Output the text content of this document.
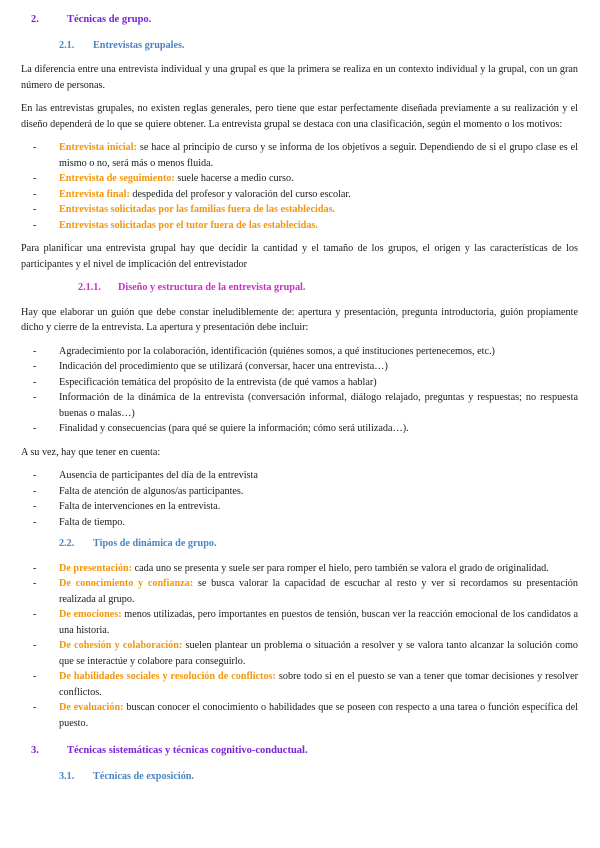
2.	Técnicas de grupo.
2.1.	Entrevistas grupales.

La diferencia entre una entrevista individual y una grupal es que la primera se realiza en un contexto individual y la grupal, con un gran número de personas.

En las entrevistas grupales, no existen reglas generales, pero tiene que estar perfectamente diseñada previamente a su realización y el diseño dependerá de lo que se quiere obtener. La entrevista grupal se destaca con una clasificación, según el momento o los motivos:

- Entrevista inicial: se hace al principio de curso y se informa de los objetivos a seguir. Dependiendo de si el grupo clase es el mismo o no, será más o menos fluida.
- Entrevista de seguimiento: suele hacerse a medio curso.
- Entrevista final: despedida del profesor y valoración del curso escolar.
- Entrevistas solicitadas por las familias fuera de las establecidas.
- Entrevistas solicitadas por el tutor fuera de las establecidas.

Para planificar una entrevista grupal hay que decidir la cantidad y el tamaño de los grupos, el origen y las características de los participantes y el nivel de implicación del entrevistador

2.1.1.	Diseño y estructura de la entrevista grupal.

Hay que elaborar un guión que debe constar ineludiblemente de: apertura y presentación, pregunta introductoria, guión propiamente dicho y cierre de la entrevista. La apertura y presentación debe incluir:

- Agradecimiento por la colaboración, identificación (quiénes somos, a qué instituciones pertenecemos, etc.)
- Indicación del procedimiento que se utilizará (conversar, hacer una entrevista…)
- Especificación temática del propósito de la entrevista (de qué vamos a hablar)
- Información de la dinámica de la entrevista (conversación informal, diálogo relajado, preguntas y respuestas; no respuesta buenas o malas…)
- Finalidad y consecuencias (para qué se quiere la información; cómo será utilizada…).

A su vez, hay que tener en cuenta:

- Ausencia de participantes del día de la entrevista
- Falta de atención de algunos/as participantes.
- Falta de intervenciones en la entrevista.
- Falta de tiempo.
2.2.	Tipos de dinámica de grupo.
- De presentación: cada uno se presenta y suele ser para romper el hielo, pero también se valora el grado de originalidad.
- De conocimiento y confianza: se busca valorar la capacidad de escuchar al resto y ver si recordamos su presentación realizada al grupo.
- De emociones: menos utilizadas, pero importantes en puestos de tensión, buscan ver la reacción emocional de los candidatos a una historia.
- De cohesión y colaboración: suelen plantear un problema o situación a resolver y se valora tanto alcanzar la solución como que se interactúe y colabore para conseguirlo.
- De habilidades sociales y resolución de conflictos: sobre todo si en el puesto se van a tener que tomar decisiones y resolver conflictos.
- De evaluación: buscan conocer el conocimiento o habilidades que se poseen con respecto a una tarea o función específica del puesto.
3.	Técnicas sistemáticas y técnicas cognitivo-conductual.
3.1.	Técnicas de exposición.
